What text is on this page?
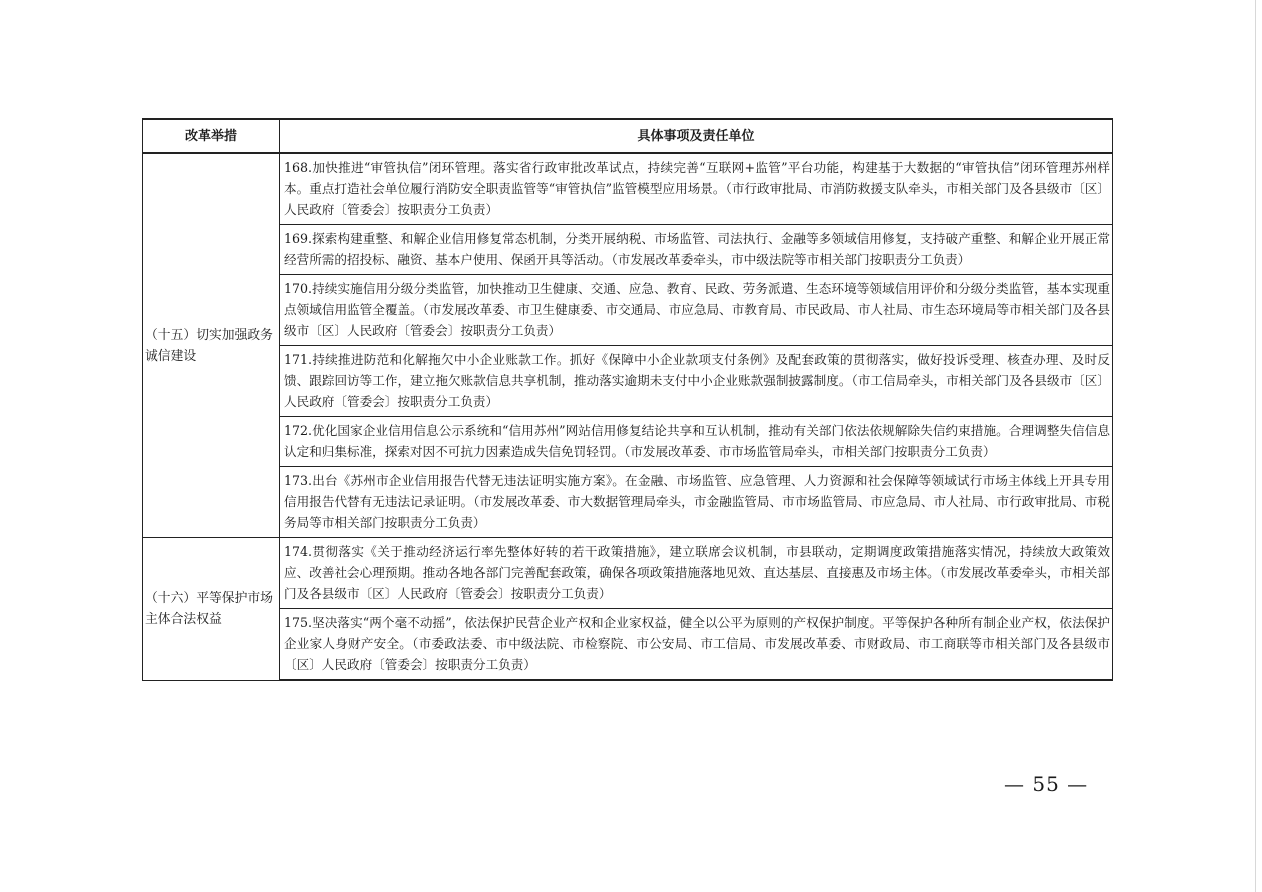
改革举措	具体事项及责任单位
（十五）切实加强政务诚信建设	168.加快推进“审管执信”闭环管理。落实省行政审批改革试点，持续完善“互联网+监管”平台功能，构建基于大数据的“审管执信”闭环管理苏州样本。重点打造社会单位履行消防安全职责监管等“审管执信”监管模型应用场景。（市行政审批局、市消防救援支队牵头，市相关部门及各县级市〔区〕人民政府〔管委会〕按职责分工负责）
	169.探索构建重整、和解企业信用修复常态机制，分类开展纳税、市场监管、司法执行、金融等多领域信用修复，支持破产重整、和解企业开展正常经营所需的招投标、融资、基本户使用、保函开具等活动。（市发展改革委牵头，市中级法院等市相关部门按职责分工负责）
	170.持续实施信用分级分类监管，加快推动卫生健康、交通、应急、教育、民政、劳务派遣、生态环境等领域信用评价和分级分类监管，基本实现重点领域信用监管全覆盖。（市发展改革委、市卫生健康委、市交通局、市应急局、市教育局、市民政局、市人社局、市生态环境局等市相关部门及各县级市〔区〕人民政府〔管委会〕按职责分工负责）
	171.持续推进防范和化解拖欠中小企业账款工作。抓好《保障中小企业款项支付条例》及配套政策的贯彻落实，做好投诉受理、核查办理、及时反馈、跟踪回访等工作，建立拖欠账款信息共享机制，推动落实逾期未支付中小企业账款强制披露制度。（市工信局牵头，市相关部门及各县级市〔区〕人民政府〔管委会〕按职责分工负责）
	172.优化国家企业信用信息公示系统和“信用苏州”网站信用修复结论共享和互认机制，推动有关部门依法依规解除失信约束措施。合理调整失信信息认定和归集标准，探索对因不可抗力因素造成失信免罚轻罚。（市发展改革委、市市场监管局牵头，市相关部门按职责分工负责）
	173.出台《苏州市企业信用报告代替无违法证明实施方案》。在金融、市场监管、应急管理、人力资源和社会保障等领域试行市场主体线上开具专用信用报告代替有无违法记录证明。（市发展改革委、市大数据管理局牵头，市金融监管局、市市场监管局、市应急局、市人社局、市行政审批局、市税务局等市相关部门按职责分工负责）
（十六）平等保护市场主体合法权益	174.贯彻落实《关于推动经济运行率先整体好转的若干政策措施》，建立联席会议机制，市县联动，定期调度政策措施落实情况，持续放大政策效应、改善社会心理预期。推动各地各部门完善配套政策，确保各项政策措施落地见效、直达基层、直接惠及市场主体。（市发展改革委牵头，市相关部门及各县级市〔区〕人民政府〔管委会〕按职责分工负责）
	175.坚决落实“两个毫不动摇”，依法保护民营企业产权和企业家权益，健全以公平为原则的产权保护制度。平等保护各种所有制企业产权，依法保护企业家人身财产安全。（市委政法委、市中级法院、市检察院、市公安局、市工信局、市发展改革委、市财政局、市工商联等市相关部门及各县级市〔区〕人民政府〔管委会〕按职责分工负责）
— 55 —
